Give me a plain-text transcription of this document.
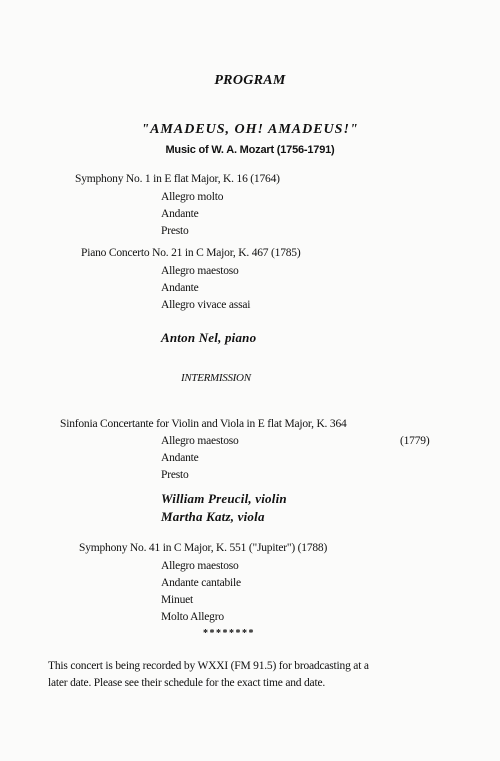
PROGRAM
"AMADEUS, OH! AMADEUS!"
Music of W. A. Mozart (1756-1791)
Symphony No. 1 in E flat Major, K. 16 (1764)
Allegro molto
Andante
Presto
Piano Concerto No. 21 in C Major, K. 467 (1785)
Allegro maestoso
Andante
Allegro vivace assai
Anton Nel, piano
INTERMISSION
Sinfonia Concertante for Violin and Viola in E flat Major, K. 364
Allegro maestoso
Andante
Presto
(1779)
William Preucil, violin
Martha Katz, viola
Symphony No. 41 in C Major, K. 551 ("Jupiter") (1788)
Allegro maestoso
Andante cantabile
Minuet
Molto Allegro
********
This concert is being recorded by WXXI (FM 91.5) for broadcasting at a
later date. Please see their schedule for the exact time and date.
